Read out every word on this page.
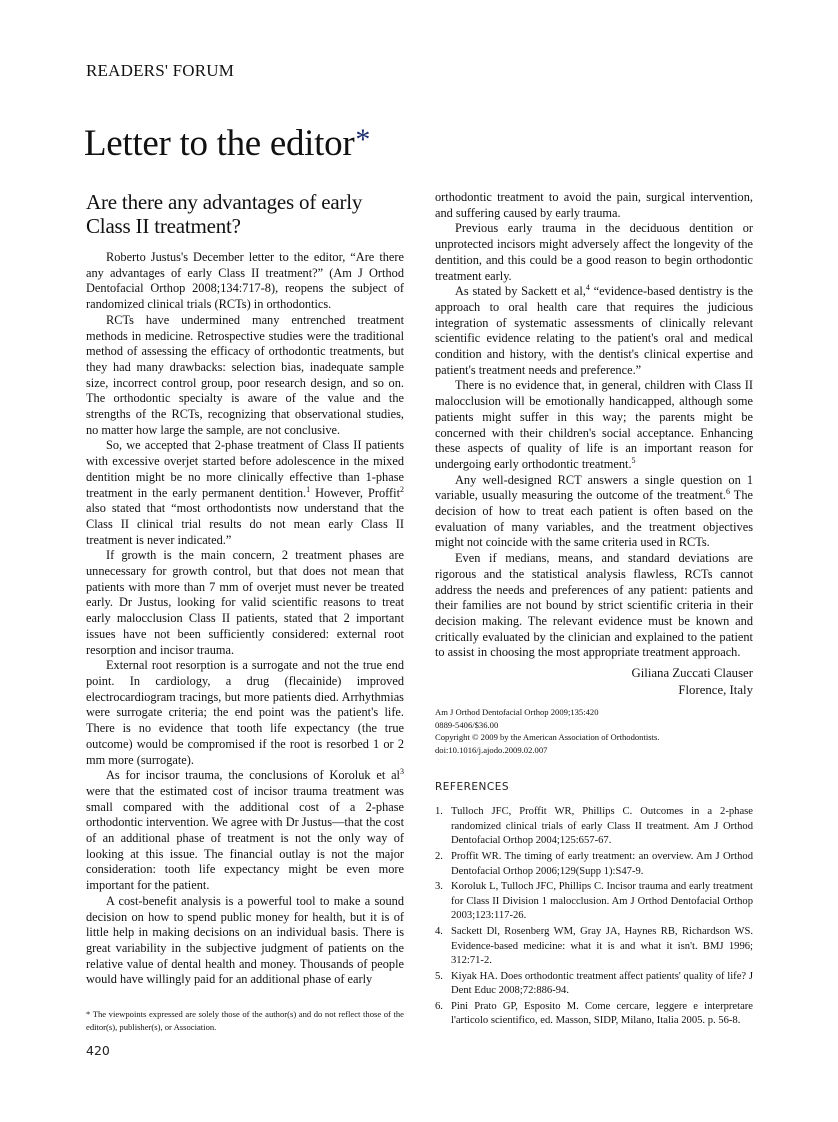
READERS' FORUM
Letter to the editor*
Are there any advantages of early Class II treatment?

Roberto Justus's December letter to the editor, “Are there any advantages of early Class II treatment?” (Am J Orthod Dentofacial Orthop 2008;134:717-8), reopens the subject of randomized clinical trials (RCTs) in orthodontics.

RCTs have undermined many entrenched treatment methods in medicine. Retrospective studies were the traditional method of assessing the efficacy of orthodontic treatments, but they had many drawbacks: selection bias, inadequate sample size, incorrect control group, poor research design, and so on. The orthodontic specialty is aware of the value and the strengths of the RCTs, recognizing that observational studies, no matter how large the sample, are not conclusive.

So, we accepted that 2-phase treatment of Class II patients with excessive overjet started before adolescence in the mixed dentition might be no more clinically effective than 1-phase treatment in the early permanent dentition.$^1$ However, Proffit$^2$ also stated that “most orthodontists now understand that the Class II clinical trial results do not mean early Class II treatment is never indicated.”

If growth is the main concern, 2 treatment phases are unnecessary for growth control, but that does not mean that patients with more than 7 mm of overjet must never be treated early. Dr Justus, looking for valid scientific reasons to treat early malocclusion Class II patients, stated that 2 important issues have not been sufficiently considered: external root resorption and incisor trauma.

External root resorption is a surrogate and not the true end point. In cardiology, a drug (flecainide) improved electrocardiogram tracings, but more patients died. Arrhythmias were surrogate criteria; the end point was the patient's life. There is no evidence that tooth life expectancy (the true outcome) would be compromised if the root is resorbed 1 or 2 mm more (surrogate).

As for incisor trauma, the conclusions of Koroluk et $al^3$ were that the estimated cost of incisor trauma treatment was small compared with the additional cost of a 2-phase orthodontic intervention. We agree with Dr Justus—that the cost of an additional phase of treatment is not the only way of looking at this issue. The financial outlay is not the major consideration: tooth life expectancy might be even more important for the patient.

A cost-benefit analysis is a powerful tool to make a sound decision on how to spend public money for health, but it is of little help in making decisions on an individual basis. There is great variability in the subjective judgment of patients on the relative value of dental health and money. Thousands of people would have willingly paid for an additional phase of early

orthodontic treatment to avoid the pain, surgical intervention, and suffering caused by early trauma.

Previous early trauma in the deciduous dentition or unprotected incisors might adversely affect the longevity of the dentition, and this could be a good reason to begin orthodontic treatment early.

As stated by Sackett et al,$^4$ “evidence-based dentistry is the approach to oral health care that requires the judicious integration of systematic assessments of clinically relevant scientific evidence relating to the patient's oral and medical condition and history, with the dentist's clinical expertise and patient's treatment needs and preference.”

There is no evidence that, in general, children with Class II malocclusion will be emotionally handicapped, although some patients might suffer in this way; the parents might be concerned with their children's social acceptance. Enhancing these aspects of quality of life is an important reason for undergoing early orthodontic treatment.$^5$

Any well-designed RCT answers a single question on 1 variable, usually measuring the outcome of the treatment.$^6$ The decision of how to treat each patient is often based on the evaluation of many variables, and the treatment objectives might not coincide with the same criteria used in RCTs.

Even if medians, means, and standard deviations are rigorous and the statistical analysis flawless, RCTs cannot address the needs and preferences of any patient: patients and their families are not bound by strict scientific criteria in their decision making. The relevant evidence must be known and critically evaluated by the clinician and explained to the patient to assist in choosing the most appropriate treatment approach.

Giliana Zuccati Clauser
Florence, Italy
Am J Orthod Dentofacial Orthop 2009;135:420
0889-5406/$36.00
Copyright © 2009 by the American Association of Orthodontists.
doi:10.1016/j.ajodo.2009.02.007
REFERENCES
1. Tulloch JFC, Proffit WR, Phillips C. Outcomes in a 2-phase randomized clinical trials of early Class II treatment. Am J Orthod Dentofacial Orthop 2004;125:657-67.
2. Proffit WR. The timing of early treatment: an overview. Am J Orthod Dentofacial Orthop 2006;129(Supp 1):S47-9.
3. Koroluk L, Tulloch JFC, Phillips C. Incisor trauma and early treatment for Class II Division 1 malocclusion. Am J Orthod Dentofacial Orthop 2003;123:117-26.
4. Sackett Dl, Rosenberg WM, Gray JA, Haynes RB, Richardson WS. Evidence-based medicine: what it is and what it isn't. BMJ 1996; 312:71-2.
5. Kiyak HA. Does orthodontic treatment affect patients' quality of life? J Dent Educ 2008;72:886-94.
6. Pini Prato GP, Esposito M. Come cercare, leggere e interpretare l'articolo scientifico, ed. Masson, SIDP, Milano, Italia 2005. p. 56-8.
* The viewpoints expressed are solely those of the author(s) and do not reflect those of the editor(s), publisher(s), or Association.
420
